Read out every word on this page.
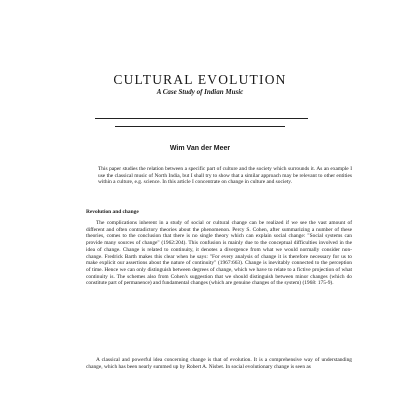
CULTURAL EVOLUTION
A Case Study of Indian Music
Wim Van der Meer
This paper studies the relation between a specific part of culture and the society which surrounds it. As an example I use the classical music of North India, but I shall try to show that a similar approach may be relevant to other entities within a culture, e.g. science. In this article I concentrate on change in culture and society.
Revolution and change
The complications inherent in a study of social or cultural change can be realized if we see the vast amount of different and often contradictory theories about the phenomenon. Percy S. Cohen, after summarizing a number of these theories, comes to the conclusion that there is no single theory which can explain social change: "Social systems can provide many sources of change" (1962:204). This confusion is mainly due to the conceptual difficulties involved in the idea of change. Change is related to continuity, it denotes a divergence from what we would normally consider non-change. Fredrick Barth makes this clear when he says: "For every analysis of change it is therefore necessary for us to make explicit our assertions about the nature of continuity" (1967:663). Change is inevitably connected to the perception of time. Hence we can only distinguish between degrees of change, which we have to relate to a fictive projection of what continuity is. The schemes also from Cohen's suggestion that we should distinguish between minor changes (which do constitute part of permanence) and fundamental changes (which are genuine changes of the system) (1968: 175-9).
A classical and powerful idea concerning change is that of evolution. It is a comprehensive way of understanding change, which has been nearly summed up by Robert A. Nisbet. In social evolutionary change is seen as
